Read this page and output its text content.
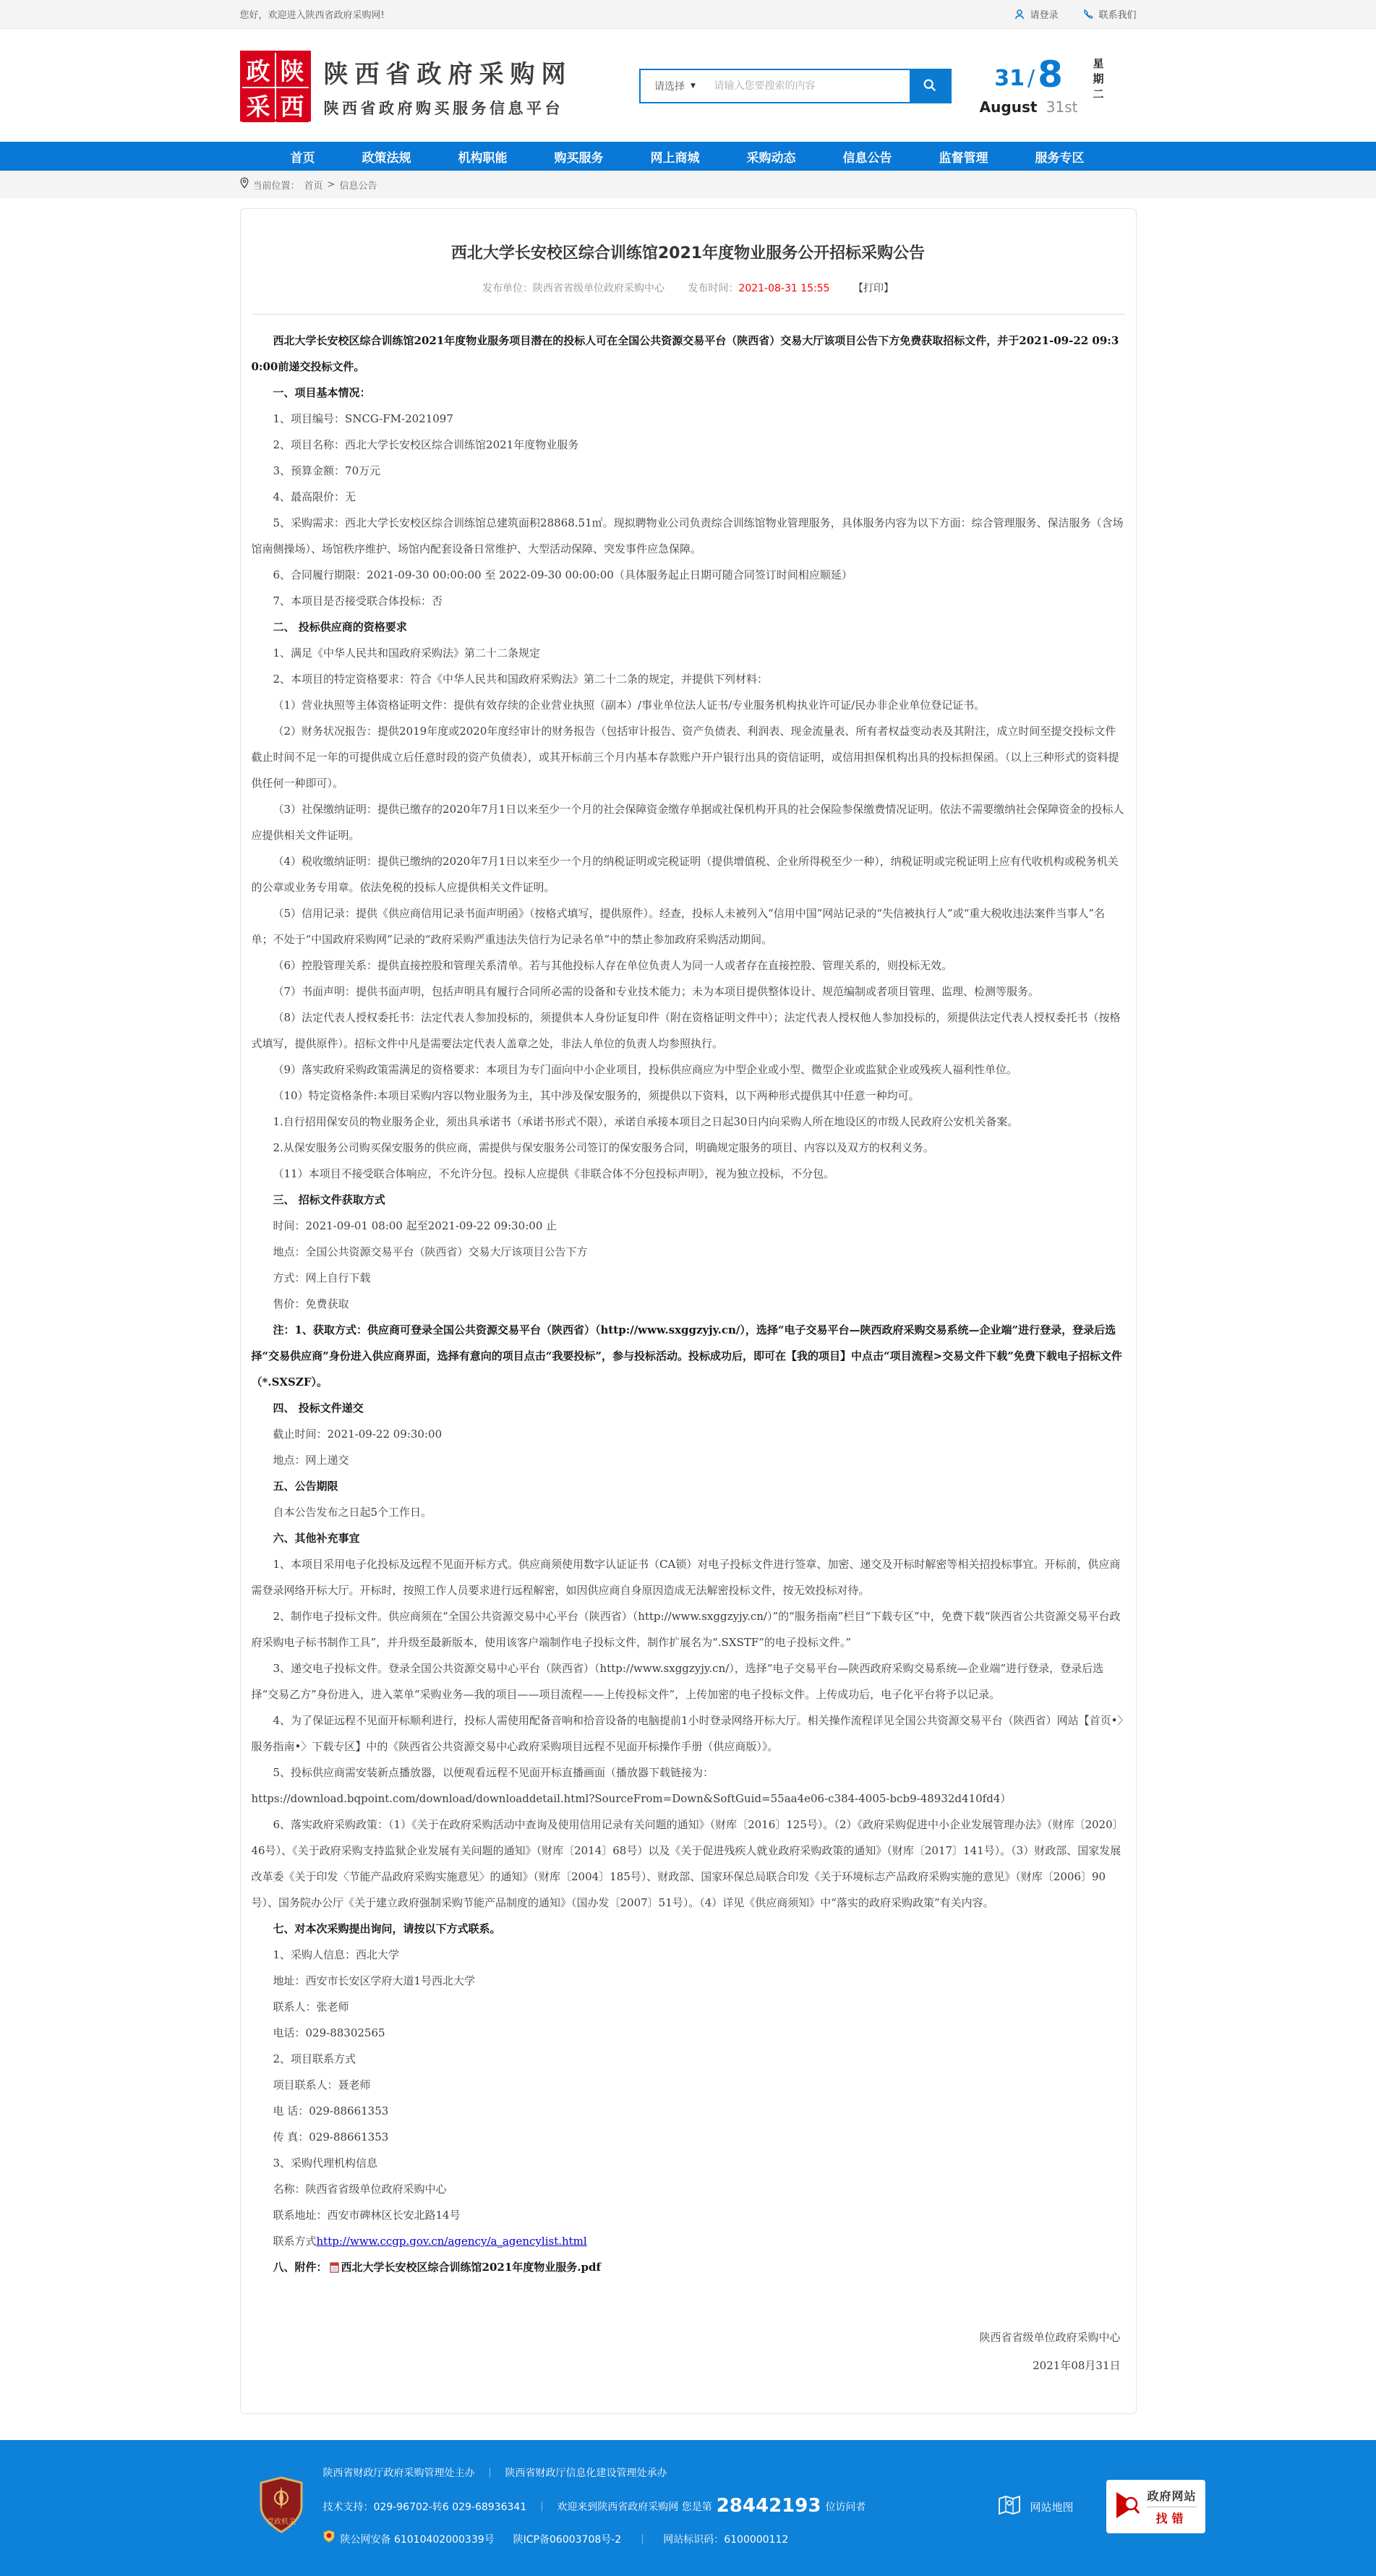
您好，欢迎进入陕西省政府采购网!	请登录	联系我们
政 陕
采 西
陕西省政府采购网
陕西省政府购买服务信息平台
请选择 ▼
请输入您要搜索的内容	31 / 8
August 31st
星期二
首页	政策法规	机构职能	购买服务	网上商城	采购动态	信息公告	监督管理	服务专区
当前位置： 首页 > 信息公告
西北大学长安校区综合训练馆2021年度物业服务公开招标采购公告
发布单位：陕西省省级单位政府采购中心 发布时间：2021-08-31 15:55 【打印】

西北大学长安校区综合训练馆2021年度物业服务项目潜在的投标人可在全国公共资源交易平台（陕西省）交易大厅该项目公告下方免费获取招标文件，并于2021-09-22 09:30:00前递交投标文件。

一、项目基本情况：

1、项目编号：SNCG-FM-2021097

2、项目名称：西北大学长安校区综合训练馆2021年度物业服务

3、预算金额：70万元

4、最高限价：无

5、采购需求：西北大学长安校区综合训练馆总建筑面积28868.51㎡。现拟聘物业公司负责综合训练馆物业管理服务，具体服务内容为以下方面：综合管理服务、保洁服务（含场馆南侧操场）、场馆秩序维护、场馆内配套设备日常维护、大型活动保障、突发事件应急保障。

6、合同履行期限：2021-09-30 00:00:00 至 2022-09-30 00:00:00（具体服务起止日期可随合同签订时间相应顺延）

7、本项目是否接受联合体投标：否

二、 投标供应商的资格要求

1、满足《中华人民共和国政府采购法》第二十二条规定

2、本项目的特定资格要求：符合《中华人民共和国政府采购法》第二十二条的规定，并提供下列材料：

（1）营业执照等主体资格证明文件：提供有效存续的企业营业执照（副本）/事业单位法人证书/专业服务机构执业许可证/民办非企业单位登记证书。

（2）财务状况报告：提供2019年度或2020年度经审计的财务报告（包括审计报告、资产负债表、利润表、现金流量表、所有者权益变动表及其附注，成立时间至提交投标文件截止时间不足一年的可提供成立后任意时段的资产负债表），或其开标前三个月内基本存款账户开户银行出具的资信证明，或信用担保机构出具的投标担保函。（以上三种形式的资料提供任何一种即可）。

（3）社保缴纳证明：提供已缴存的2020年7月1日以来至少一个月的社会保障资金缴存单据或社保机构开具的社会保险参保缴费情况证明。依法不需要缴纳社会保障资金的投标人应提供相关文件证明。

（4）税收缴纳证明：提供已缴纳的2020年7月1日以来至少一个月的纳税证明或完税证明（提供增值税、企业所得税至少一种），纳税证明或完税证明上应有代收机构或税务机关的公章或业务专用章。依法免税的投标人应提供相关文件证明。

（5）信用记录：提供《供应商信用记录书面声明函》（按格式填写，提供原件）。经查，投标人未被列入“信用中国”网站记录的“失信被执行人”或“重大税收违法案件当事人”名单；不处于“中国政府采购网”记录的“政府采购严重违法失信行为记录名单”中的禁止参加政府采购活动期间。

（6）控股管理关系：提供直接控股和管理关系清单。若与其他投标人存在单位负责人为同一人或者存在直接控股、管理关系的，则投标无效。

（7）书面声明：提供书面声明，包括声明具有履行合同所必需的设备和专业技术能力；未为本项目提供整体设计、规范编制或者项目管理、监理、检测等服务。

（8）法定代表人授权委托书：法定代表人参加投标的，须提供本人身份证复印件（附在资格证明文件中）；法定代表人授权他人参加投标的，须提供法定代表人授权委托书（按格式填写，提供原件）。招标文件中凡是需要法定代表人盖章之处，非法人单位的负责人均参照执行。

（9）落实政府采购政策需满足的资格要求：本项目为专门面向中小企业项目，投标供应商应为中型企业或小型、微型企业或监狱企业或残疾人福利性单位。

（10）特定资格条件:本项目采购内容以物业服务为主，其中涉及保安服务的，须提供以下资料，以下两种形式提供其中任意一种均可。

1.自行招用保安员的物业服务企业，须出具承诺书（承诺书形式不限），承诺自承接本项目之日起30日内向采购人所在地设区的市级人民政府公安机关备案。

2.从保安服务公司购买保安服务的供应商，需提供与保安服务公司签订的保安服务合同，明确规定服务的项目、内容以及双方的权利义务。

（11）本项目不接受联合体响应，不允许分包。投标人应提供《非联合体不分包投标声明》，视为独立投标，不分包。

三、 招标文件获取方式

时间：2021-09-01 08:00 起至2021-09-22 09:30:00 止

地点：全国公共资源交易平台（陕西省）交易大厅该项目公告下方

方式：网上自行下载

售价：免费获取

注：1、获取方式：供应商可登录全国公共资源交易平台（陕西省）（http://www.sxggzyjy.cn/），选择“电子交易平台—陕西政府采购交易系统—企业端”进行登录，登录后选择“交易供应商”身份进入供应商界面，选择有意向的项目点击“我要投标”，参与投标活动。投标成功后，即可在【我的项目】中点击“项目流程>交易文件下载”免费下载电子招标文件（*.SXSZF）。

四、 投标文件递交

截止时间：2021-09-22 09:30:00

地点：网上递交

五、公告期限

自本公告发布之日起5个工作日。

六、其他补充事宜

1、本项目采用电子化投标及远程不见面开标方式。供应商须使用数字认证证书（CA锁）对电子投标文件进行签章、加密、递交及开标时解密等相关招投标事宜。开标前，供应商需登录网络开标大厅。开标时，按照工作人员要求进行远程解密，如因供应商自身原因造成无法解密投标文件，按无效投标对待。

2、制作电子投标文件。供应商须在“全国公共资源交易中心平台（陕西省）（http://www.sxggzyjy.cn/）”的“服务指南”栏目“下载专区”中，免费下载“陕西省公共资源交易平台政府采购电子标书制作工具”，并升级至最新版本，使用该客户端制作电子投标文件，制作扩展名为“.SXSTF”的电子投标文件。”

3、递交电子投标文件。登录全国公共资源交易中心平台（陕西省）（http://www.sxggzyjy.cn/），选择“电子交易平台—陕西政府采购交易系统—企业端”进行登录，登录后选择“交易乙方”身份进入，进入菜单“采购业务—我的项目——项目流程——上传投标文件”，上传加密的电子投标文件。上传成功后，电子化平台将予以记录。

4、为了保证远程不见面开标顺利进行，投标人需使用配备音响和拾音设备的电脑提前1小时登录网络开标大厅。相关操作流程详见全国公共资源交易平台（陕西省）网站【首页•〉服务指南•〉下载专区】中的《陕西省公共资源交易中心政府采购项目远程不见面开标操作手册（供应商版）》。

5、投标供应商需安装新点播放器，以便观看远程不见面开标直播画面（播放器下载链接为：

https://download.bqpoint.com/download/downloaddetail.html?SourceFrom=Down&SoftGuid=55aa4e06-c384-4005-bcb9-48932d410fd4）

6、落实政府采购政策：（1）《关于在政府采购活动中查询及使用信用记录有关问题的通知》（财库〔2016〕125号）。（2）《政府采购促进中小企业发展管理办法》（财库〔2020〕46号）、《关于政府采购支持监狱企业发展有关问题的通知》（财库〔2014〕68号）以及《关于促进残疾人就业政府采购政策的通知》（财库〔2017〕141号）。（3）财政部、国家发展改革委《关于印发〈节能产品政府采购实施意见〉的通知》（财库〔2004〕185号）、财政部、国家环保总局联合印发《关于环境标志产品政府采购实施的意见》（财库〔2006〕90号）、国务院办公厅《关于建立政府强制采购节能产品制度的通知》（国办发〔2007〕51号）。（4）详见《供应商须知》中“落实的政府采购政策”有关内容。

七、对本次采购提出询问，请按以下方式联系。

1、采购人信息：西北大学

地址：西安市长安区学府大道1号西北大学

联系人：张老师

电话：029-88302565

2、项目联系方式

项目联系人：聂老师

电 话：029-88661353

传 真：029-88661353

3、采购代理机构信息

名称：陕西省省级单位政府采购中心

联系地址：西安市碑林区长安北路14号

联系方式http://www.ccgp.gov.cn/agency/a_agencylist.html

八、附件： 西北大学长安校区综合训练馆2021年度物业服务.pdf
陕西省省级单位政府采购中心
2021年08月31日
党政机关
陕西省财政厅政府采购管理处主办 ｜ 陕西省财政厅信息化建设管理处承办
技术支持：029-96702-转6 029-68936341 ｜ 欢迎来到陕西省政府采购网 您是第 28442193 位访问者
陕公网安备 61010402000339号 陕ICP备06003708号-2 ｜ 网站标识码：6100000112
网站地图
政府网站
找错
